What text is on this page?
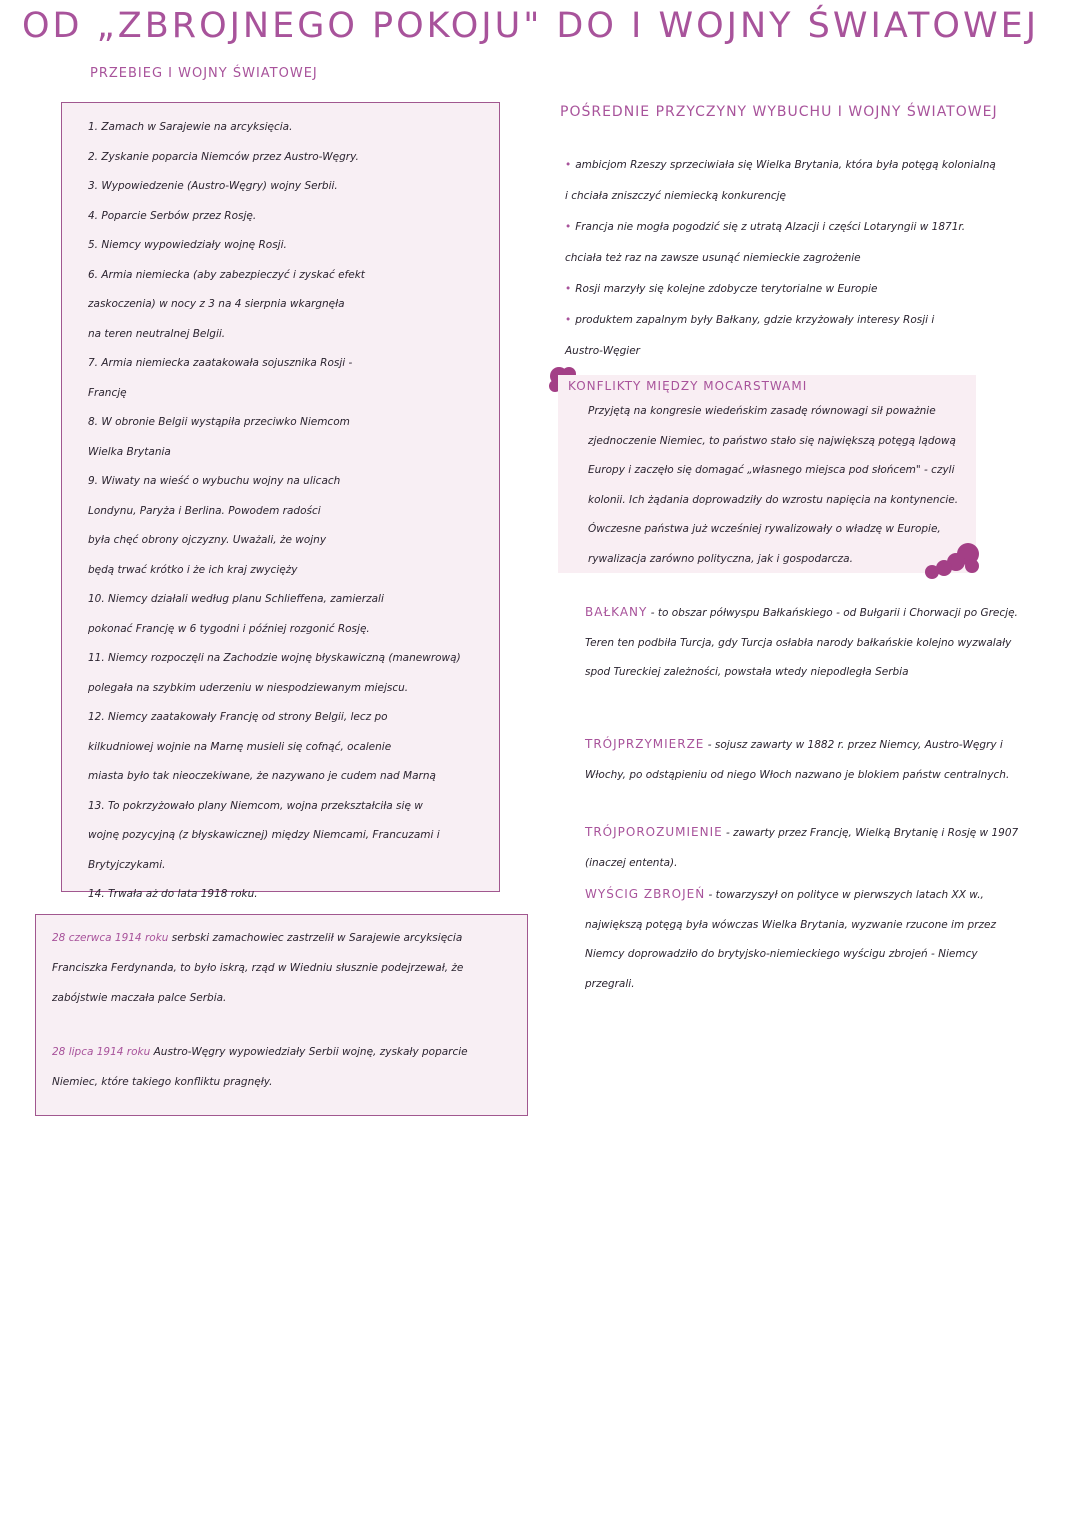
OD „ZBROJNEGO POKOJU" DO I WOJNY ŚWIATOWEJ
PRZEBIEG I WOJNY ŚWIATOWEJ
1. Zamach w Sarajewie na arcyksięcia.
2. Zyskanie poparcia Niemców przez Austro-Węgry.
3. Wypowiedzenie (Austro-Węgry) wojny Serbii.
4. Poparcie Serbów przez Rosję.
5. Niemcy wypowiedziały wojnę Rosji.
6. Armia niemiecka (aby zabezpieczyć i zyskać efekt
zaskoczenia) w nocy z 3 na 4 sierpnia wkargnęła
na teren neutralnej Belgii.
7. Armia niemiecka zaatakowała sojusznika Rosji -
Francję
8. W obronie Belgii wystąpiła przeciwko Niemcom
Wielka Brytania
9. Wiwaty na wieść o wybuchu wojny na ulicach
Londynu, Paryża i Berlina. Powodem radości
była chęć obrony ojczyzny. Uważali, że wojny
będą trwać krótko i że ich kraj zwycięży
10. Niemcy działali według planu Schlieffena, zamierzali
pokonać Francję w 6 tygodni i później rozgonić Rosję.
11. Niemcy rozpoczęli na Zachodzie wojnę błyskawiczną (manewrową)
polegała na szybkim uderzeniu w niespodziewanym miejscu.
12. Niemcy zaatakowały Francję od strony Belgii, lecz po
kilkudniowej wojnie na Marnę musieli się cofnąć, ocalenie
miasta było tak nieoczekiwane, że nazywano je cudem nad Marną
13. To pokrzyżowało plany Niemcom, wojna przekształciła się w
wojnę pozycyjną (z błyskawicznej) między Niemcami, Francuzami i Brytyjczykami.
14. Trwała aż do lata 1918 roku.

28 czerwca 1914 roku serbski zamachowiec zastrzelił w Sarajewie arcyksięcia Franciszka Ferdynanda, to było iskrą, rząd w Wiedniu słusznie podejrzewał, że zabójstwie maczała palce Serbia.

28 lipca 1914 roku Austro-Węgry wypowiedziały Serbii wojnę, zyskały poparcie Niemiec, które takiego konfliktu pragnęły.

POŚREDNIE PRZYCZYNY WYBUCHU I WOJNY ŚWIATOWEJ

• ambicjom Rzeszy sprzeciwiała się Wielka Brytania, która była potęgą kolonialną

i chciała zniszczyć niemiecką konkurencję

• Francja nie mogła pogodzić się z utratą Alzacji i części Lotaryngii w 1871r.

chciała też raz na zawsze usunąć niemieckie zagrożenie

• Rosji marzyły się kolejne zdobycze terytorialne w Europie

• produktem zapalnym były Bałkany, gdzie krzyżowały interesy Rosji i

Austro-Węgier

KONFLIKTY MIĘDZY MOCARSTWAMI

Przyjętą na kongresie wiedeńskim zasadę równowagi sił poważnie zjednoczenie Niemiec, to państwo stało się największą potęgą lądową Europy i zaczęło się domagać „własnego miejsca pod słońcem" - czyli kolonii. Ich żądania doprowadziły do wzrostu napięcia na kontynencie. Ówczesne państwa już wcześniej rywalizowały o władzę w Europie, rywalizacja zarówno polityczna, jak i gospodarcza.

BAŁKANY - to obszar półwyspu Bałkańskiego - od Bułgarii i Chorwacji po Grecję. Teren ten podbiła Turcja, gdy Turcja osłabła narody bałkańskie kolejno wyzwalały spod Tureckiej zależności, powstała wtedy niepodległa Serbia

TRÓJPRZYMIERZE - sojusz zawarty w 1882 r. przez Niemcy, Austro-Węgry i Włochy, po odstąpieniu od niego Włoch nazwano je blokiem państw centralnych.

TRÓJPOROZUMIENIE - zawarty przez Francję, Wielką Brytanię i Rosję w 1907 (inaczej ententa).

WYŚCIG ZBROJEŃ - towarzyszył on polityce w pierwszych latach XX w., największą potęgą była wówczas Wielka Brytania, wyzwanie rzucone im przez Niemcy doprowadziło do brytyjsko-niemieckiego wyścigu zbrojeń - Niemcy przegrali.
